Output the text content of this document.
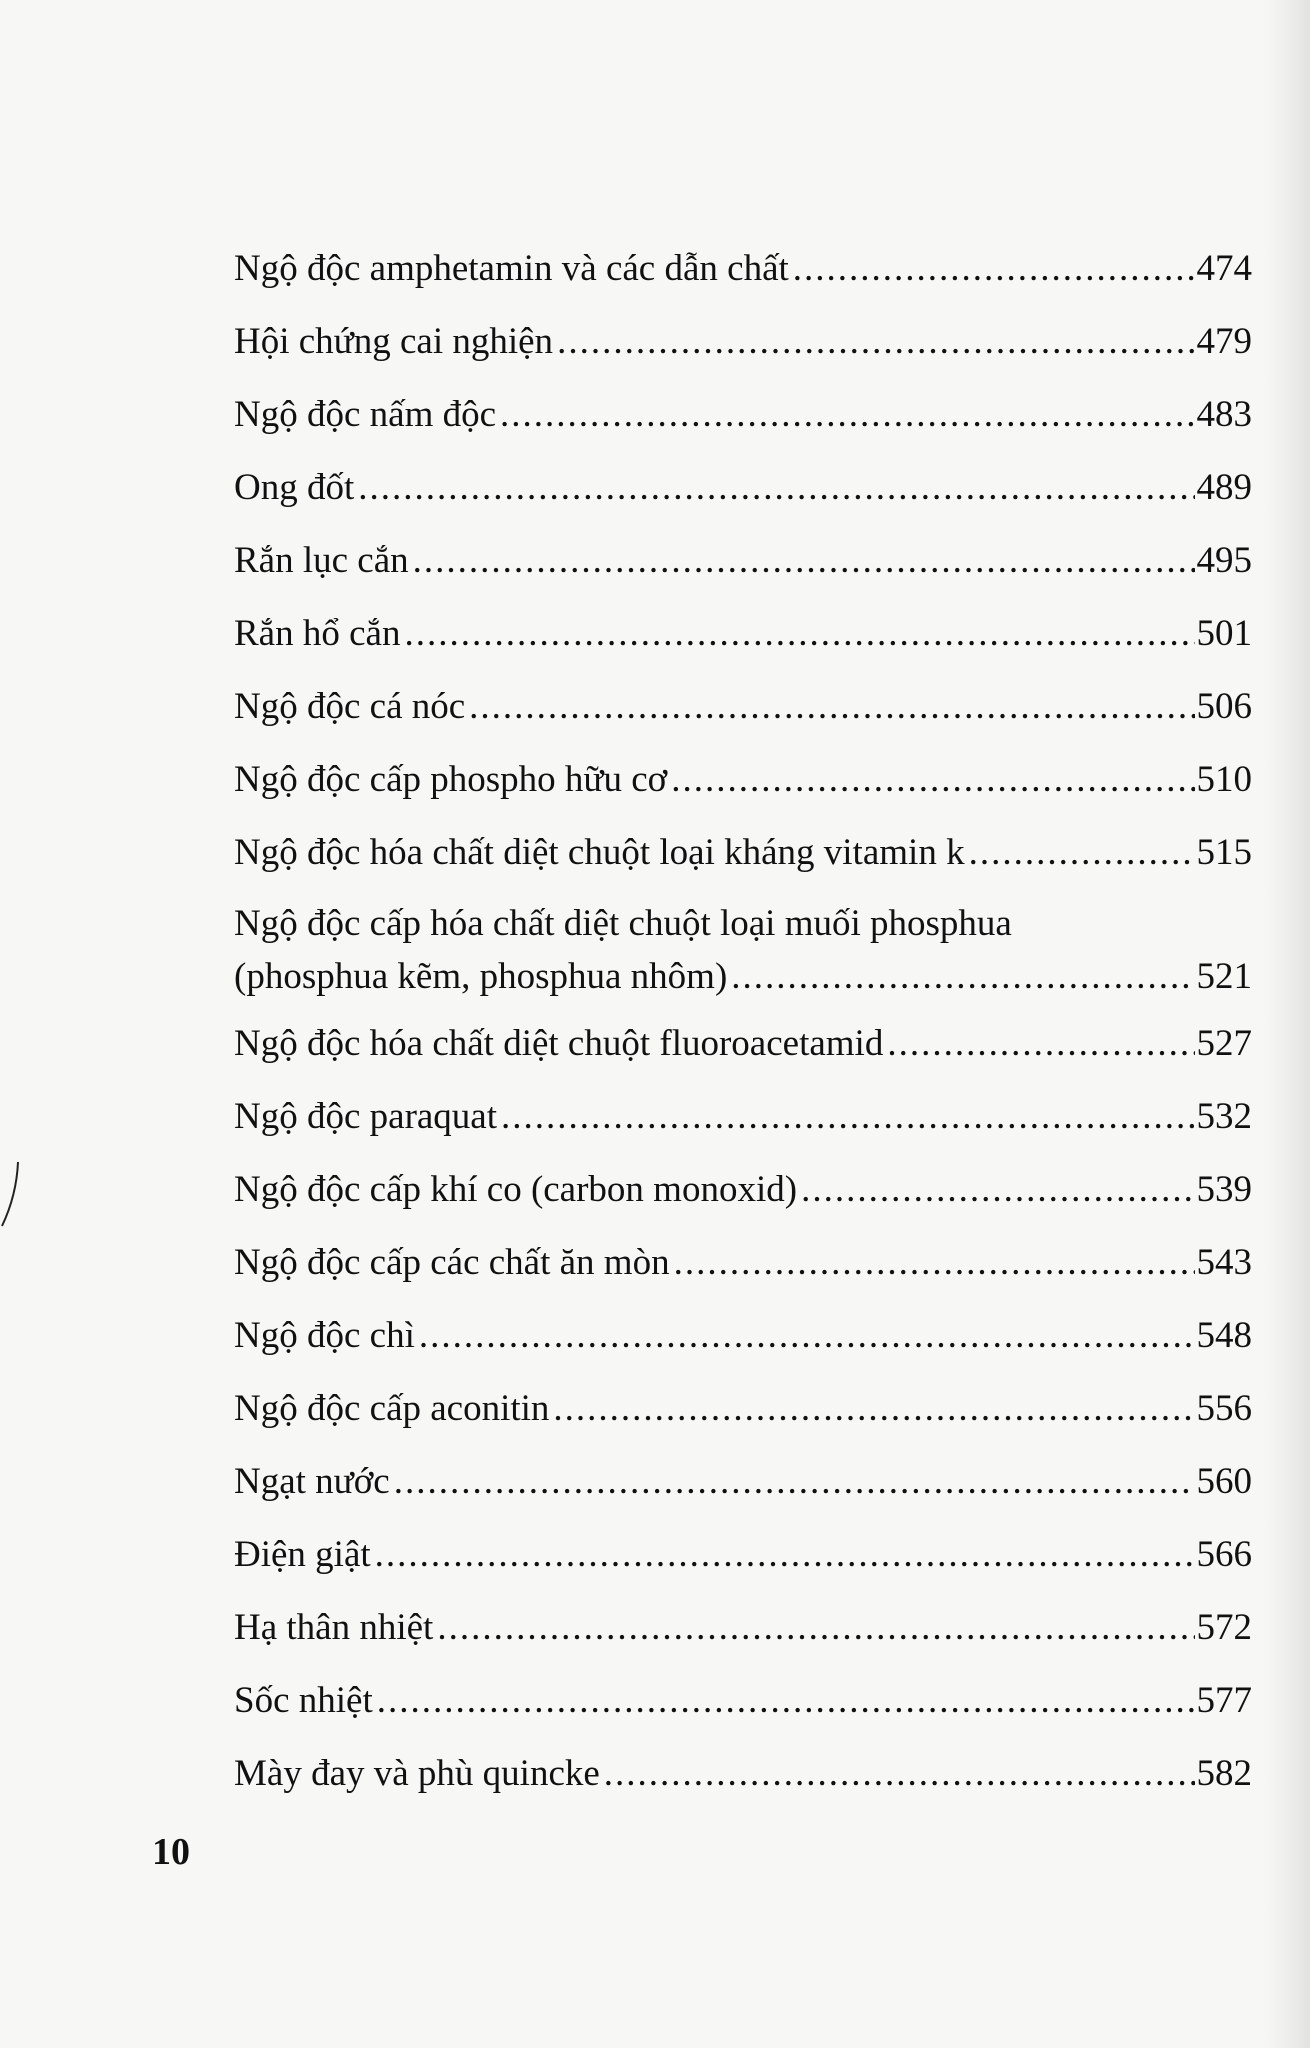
Ngộ độc amphetamin và các dẫn chất .....	474
Hội chứng cai nghiện .....	479
Ngộ độc nấm độc .....	483
Ong đốt .....	489
Rắn lục cắn .....	495
Rắn hổ cắn .....	501
Ngộ độc cá nóc .....	506
Ngộ độc cấp phospho hữu cơ .....	510
Ngộ độc hóa chất diệt chuột loại kháng vitamin k .....	515
Ngộ độc cấp hóa chất diệt chuột loại muối phosphua
(phosphua kẽm, phosphua nhôm) .....	521
Ngộ độc hóa chất diệt chuột fluoroacetamid .....	527
Ngộ độc paraquat .....	532
Ngộ độc cấp khí co (carbon monoxid) .....	539
Ngộ độc cấp các chất ăn mòn .....	543
Ngộ độc chì .....	548
Ngộ độc cấp aconitin .....	556
Ngạt nước .....	560
Điện giật .....	566
Hạ thân nhiệt .....	572
Sốc nhiệt .....	577
Mày đay và phù quincke .....	582
10
